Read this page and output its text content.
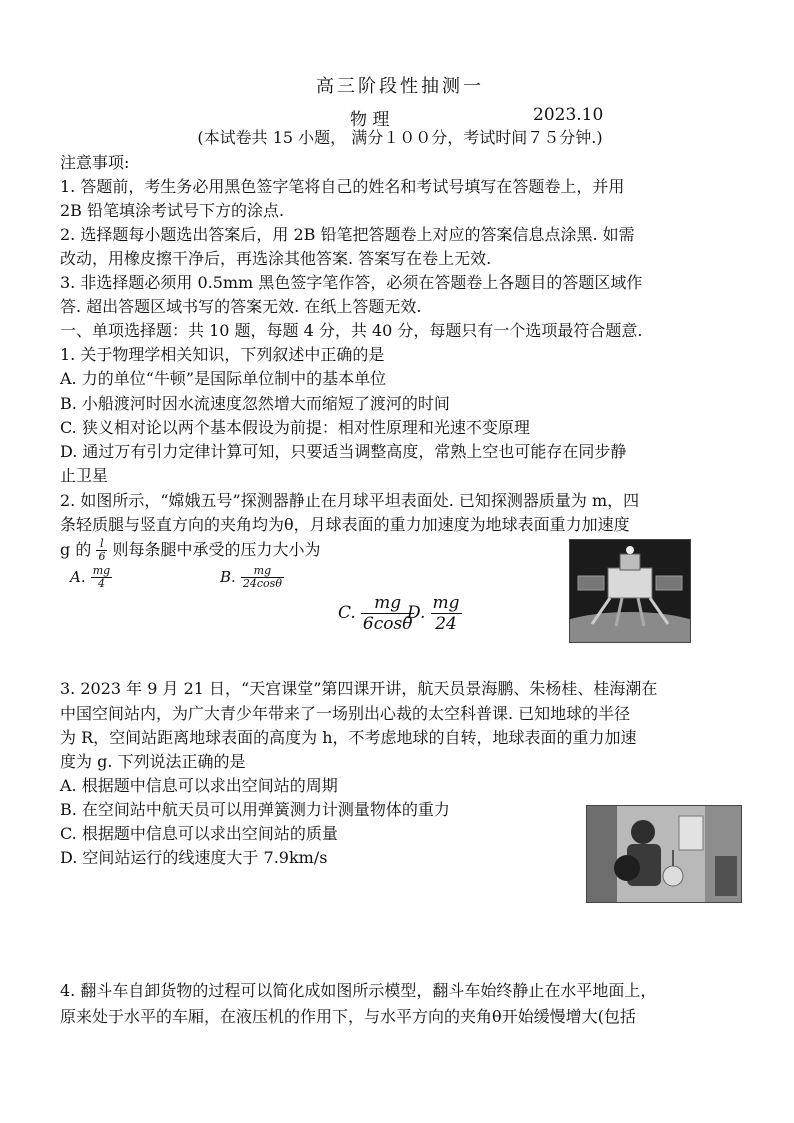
高三阶段性抽测一
物 理	2023.10
(本试卷共 15 小题， 满分１００分，考试时间７５分钟.)
注意事项:
1. 答题前，考生务必用黑色签字笔将自己的姓名和考试号填写在答题卷上，并用
2B 铅笔填涂考试号下方的涂点.
2. 选择题每小题选出答案后，用 2B 铅笔把答题卷上对应的答案信息点涂黑. 如需
改动，用橡皮擦干净后，再选涂其他答案. 答案写在卷上无效.
3. 非选择题必须用 0.5mm 黑色签字笔作答，必须在答题卷上各题目的答题区域作
答. 超出答题区域书写的答案无效. 在纸上答题无效.
一、单项选择题：共 10 题，每题 4 分，共 40 分，每题只有一个选项最符合题意.
1. 关于物理学相关知识，下列叙述中正确的是
A. 力的单位“牛顿”是国际单位制中的基本单位
B. 小船渡河时因水流速度忽然增大而缩短了渡河的时间
C. 狭义相对论以两个基本假设为前提：相对性原理和光速不变原理
D. 通过万有引力定律计算可知，只要适当调整高度，常熟上空也可能存在同步静
止卫星
2. 如图所示，“嫦娥五号”探测器静止在月球平坦表面处. 已知探测器质量为 m，四
条轻质腿与竖直方向的夹角均为θ，月球表面的重力加速度为地球表面重力加速度
g 的 $\frac{l}{6}$ 则每条腿中承受的压力大小为
A. $\frac{mg}{4}$	B. $\frac{mg}{24\cos\theta}$
C. $\frac{mg}{6\cos\theta}$
D. $\frac{mg}{24}$
3. 2023 年 9 月 21 日，“天宫课堂”第四课开讲，航天员景海鹏、朱杨桂、桂海潮在
中国空间站内，为广大青少年带来了一场别出心裁的太空科普课. 已知地球的半径
为 R，空间站距离地球表面的高度为 h，不考虑地球的自转，地球表面的重力加速
度为 g. 下列说法正确的是
A. 根据题中信息可以求出空间站的周期
B. 在空间站中航天员可以用弹簧测力计测量物体的重力
C. 根据题中信息可以求出空间站的质量
D. 空间站运行的线速度大于 7.9km/s
4. 翻斗车自卸货物的过程可以简化成如图所示模型，翻斗车始终静止在水平地面上，
原来处于水平的车厢，在液压机的作用下，与水平方向的夹角θ开始缓慢增大(包括
